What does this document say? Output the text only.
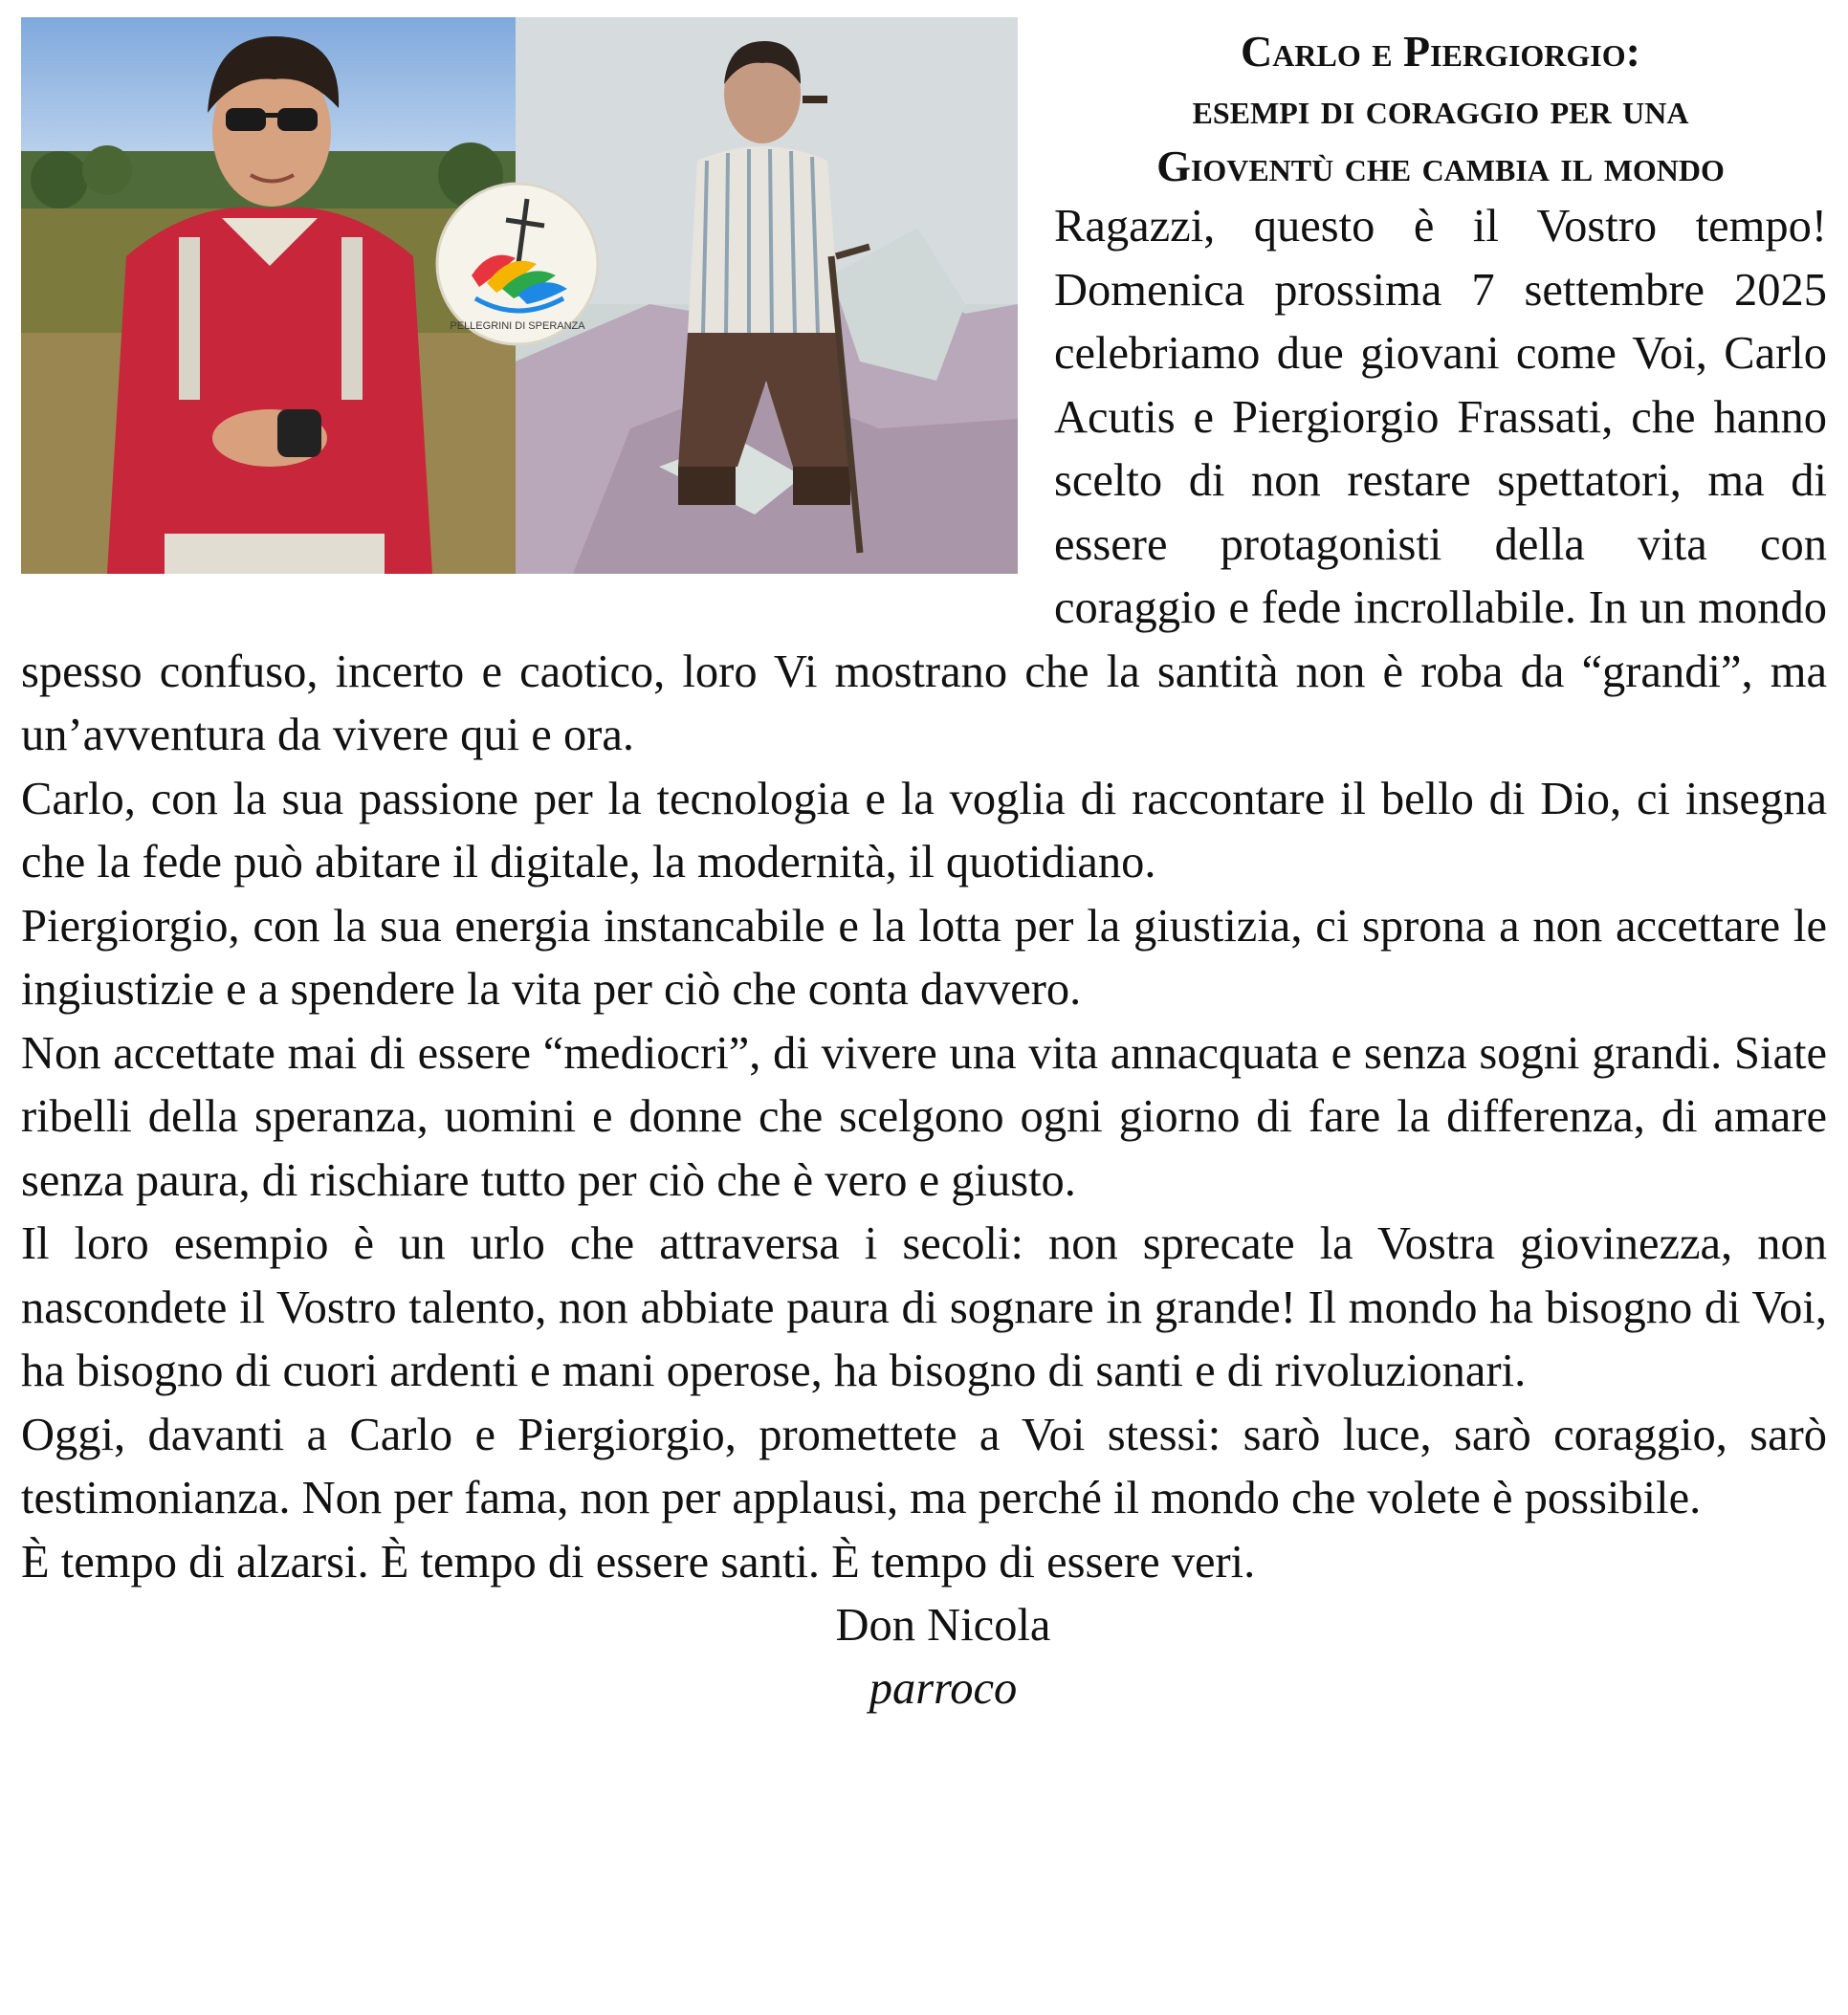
PELLEGRINI DI SPERANZA
Carlo e Piergiorgio:
esempi di coraggio per una
Gioventù che cambia il mondo

Ragazzi, questo è il Vostro tempo! Domenica prossima 7 settembre 2025 celebriamo due giovani come Voi, Carlo Acutis e Piergiorgio Frassati, che hanno scelto di non restare spettatori, ma di essere protagonisti della vita con coraggio e fede incrollabile. In un mondo spesso confuso, incerto e caotico, loro Vi mostrano che la santità non è roba da “grandi”, ma un’avventura da vivere qui e ora.

Carlo, con la sua passione per la tecnologia e la voglia di raccontare il bello di Dio, ci insegna che la fede può abitare il digitale, la modernità, il quotidiano.

Piergiorgio, con la sua energia instancabile e la lotta per la giustizia, ci sprona a non accettare le ingiustizie e a spendere la vita per ciò che conta davvero.

Non accettate mai di essere “mediocri”, di vivere una vita annacquata e senza sogni grandi. Siate ribelli della speranza, uomini e donne che scelgono ogni giorno di fare la differenza, di amare senza paura, di rischiare tutto per ciò che è vero e giusto.

Il loro esempio è un urlo che attraversa i secoli: non sprecate la Vostra giovinezza, non nascondete il Vostro talento, non abbiate paura di sognare in grande! Il mondo ha bisogno di Voi, ha bisogno di cuori ardenti e mani operose, ha bisogno di santi e di rivoluzionari.

Oggi, davanti a Carlo e Piergiorgio, promettete a Voi stessi: sarò luce, sarò coraggio, sarò testimonianza. Non per fama, non per applausi, ma perché il mondo che volete è possibile.

È tempo di alzarsi. È tempo di essere santi. È tempo di essere veri.

Don Nicola
parroco
